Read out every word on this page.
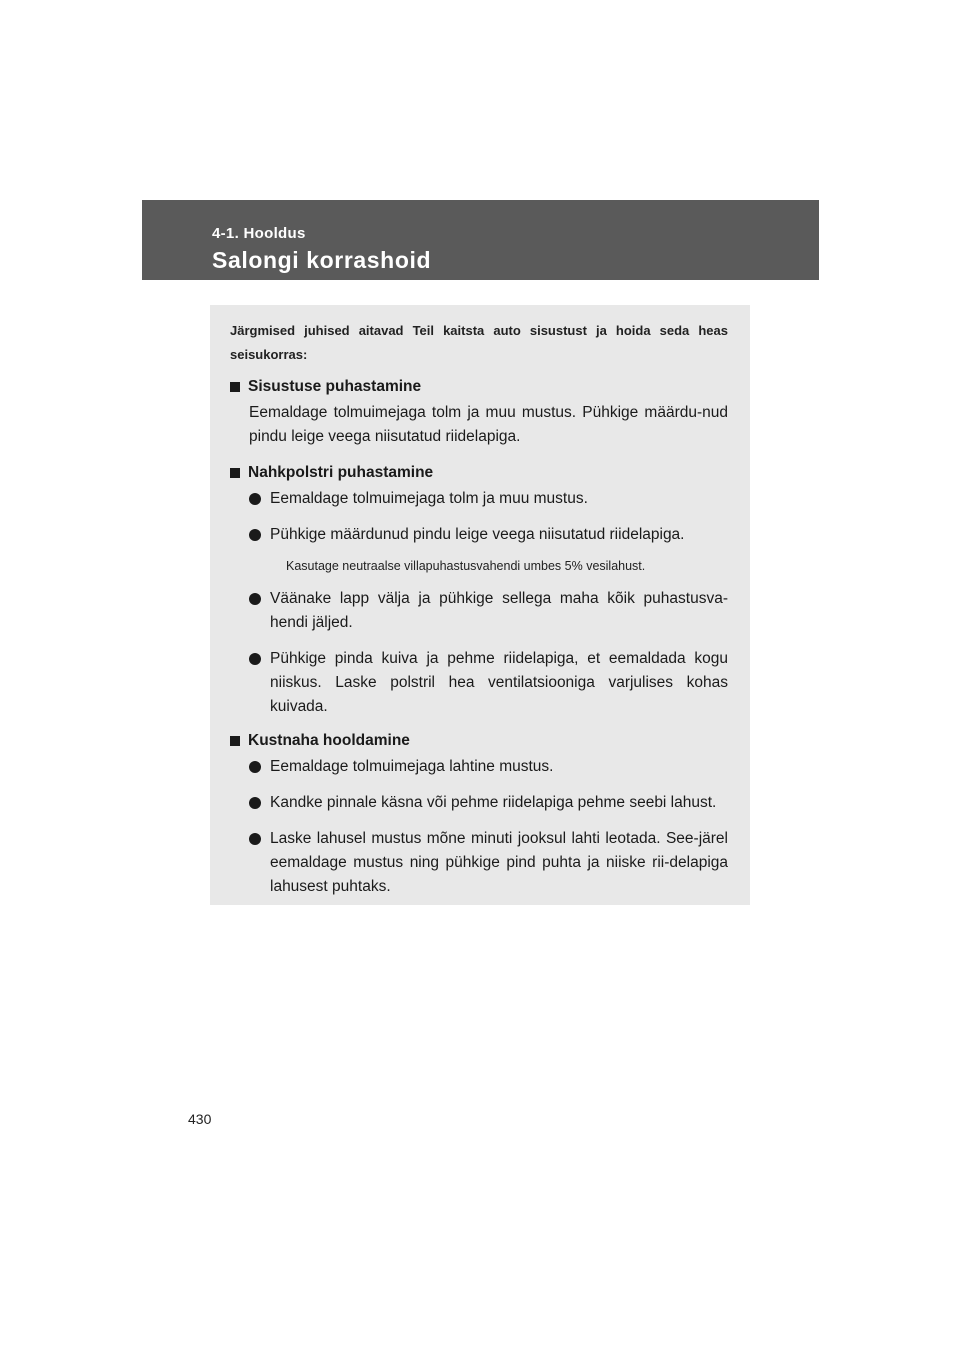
4-1. Hooldus
Salongi korrashoid

Järgmised juhised aitavad Teil kaitsta auto sisustust ja hoida seda heas seisukorras:

Sisustuse puhastamine

Eemaldage tolmuimejaga tolm ja muu mustus. Pühkige määrdu-nud pindu leige veega niisutatud riidelapiga.

Nahkpolstri puhastamine
Eemaldage tolmuimejaga tolm ja muu mustus.
Pühkige määrdunud pindu leige veega niisutatud riidelapiga.
Kasutage neutraalse villapuhastusvahendi umbes 5% vesilahust.
Väänake lapp välja ja pühkige sellega maha kõik puhastusva-hendi jäljed.
Pühkige pinda kuiva ja pehme riidelapiga, et eemaldada kogu niiskus. Laske polstril hea ventilatsiooniga varjulises kohas kuivada.
Kustnaha hooldamine
Eemaldage tolmuimejaga lahtine mustus.
Kandke pinnale käsna või pehme riidelapiga pehme seebi lahust.
Laske lahusel mustus mõne minuti jooksul lahti leotada. See-järel eemaldage mustus ning pühkige pind puhta ja niiske rii-delapiga lahusest puhtaks.
430
